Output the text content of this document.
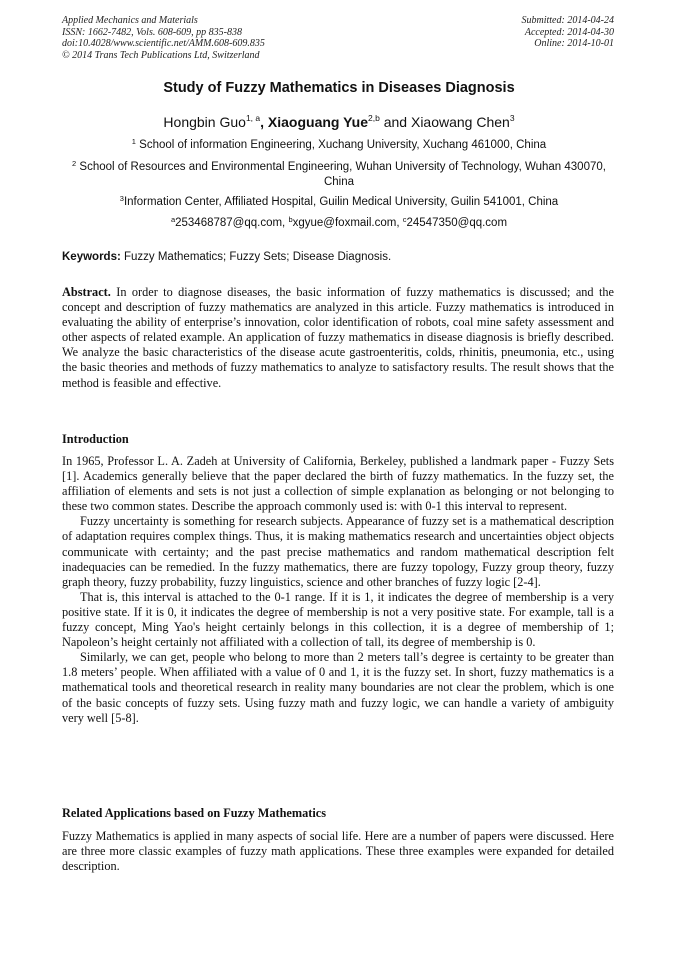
Applied Mechanics and Materials
ISSN: 1662-7482, Vols. 608-609, pp 835-838
doi:10.4028/www.scientific.net/AMM.608-609.835
© 2014 Trans Tech Publications Ltd, Switzerland
Submitted: 2014-04-24
Accepted: 2014-04-30
Online: 2014-10-01
Study of Fuzzy Mathematics in Diseases Diagnosis
Hongbin Guo$^{1, a}$, Xiaoguang Yue$^{2,b}$ and Xiaowang Chen$^3$
$^1$ School of information Engineering, Xuchang University, Xuchang 461000, China
$^2$ School of Resources and Environmental Engineering, Wuhan University of Technology, Wuhan 430070, China
$^3$Information Center, Affiliated Hospital, Guilin Medical University, Guilin 541001, China
$^a$253468787@qq.com, $^b$xgyue@foxmail.com, $^c$24547350@qq.com
Keywords: Fuzzy Mathematics; Fuzzy Sets; Disease Diagnosis.
Abstract. In order to diagnose diseases, the basic information of fuzzy mathematics is discussed; and the concept and description of fuzzy mathematics are analyzed in this article. Fuzzy mathematics is introduced in evaluating the ability of enterprise’s innovation, color identification of robots, coal mine safety assessment and other aspects of related example. An application of fuzzy mathematics in disease diagnosis is briefly described. We analyze the basic characteristics of the disease acute gastroenteritis, colds, rhinitis, pneumonia, etc., using the basic theories and methods of fuzzy mathematics to analyze to satisfactory results. The result shows that the method is feasible and effective.
Introduction

In 1965, Professor L. A. Zadeh at University of California, Berkeley, published a landmark paper - Fuzzy Sets [1]. Academics generally believe that the paper declared the birth of fuzzy mathematics. In the fuzzy set, the affiliation of elements and sets is not just a collection of simple explanation as belonging or not belonging to these two common states. Describe the approach commonly used is: with 0-1 this interval to represent.

Fuzzy uncertainty is something for research subjects. Appearance of fuzzy set is a mathematical description of adaptation requires complex things. Thus, it is making mathematics research and uncertainties object objects communicate with certainty; and the past precise mathematics and random mathematical description felt inadequacies can be remedied. In the fuzzy mathematics, there are fuzzy topology, Fuzzy group theory, fuzzy graph theory, fuzzy probability, fuzzy linguistics, science and other branches of fuzzy logic [2-4].

That is, this interval is attached to the 0-1 range. If it is 1, it indicates the degree of membership is a very positive state. If it is 0, it indicates the degree of membership is not a very positive state. For example, tall is a fuzzy concept, Ming Yao's height certainly belongs in this collection, it is a degree of membership of 1; Napoleon’s height certainly not affiliated with a collection of tall, its degree of membership is 0.

Similarly, we can get, people who belong to more than 2 meters tall’s degree is certainty to be greater than 1.8 meters’ people. When affiliated with a value of 0 and 1, it is the fuzzy set. In short, fuzzy mathematics is a mathematical tools and theoretical research in reality many boundaries are not clear the problem, which is one of the basic concepts of fuzzy sets. Using fuzzy math and fuzzy logic, we can handle a variety of ambiguity very well [5-8].

Related Applications based on Fuzzy Mathematics
Fuzzy Mathematics is applied in many aspects of social life. Here are a number of papers were discussed. Here are three more classic examples of fuzzy math applications. These three examples were expanded for detailed description.
